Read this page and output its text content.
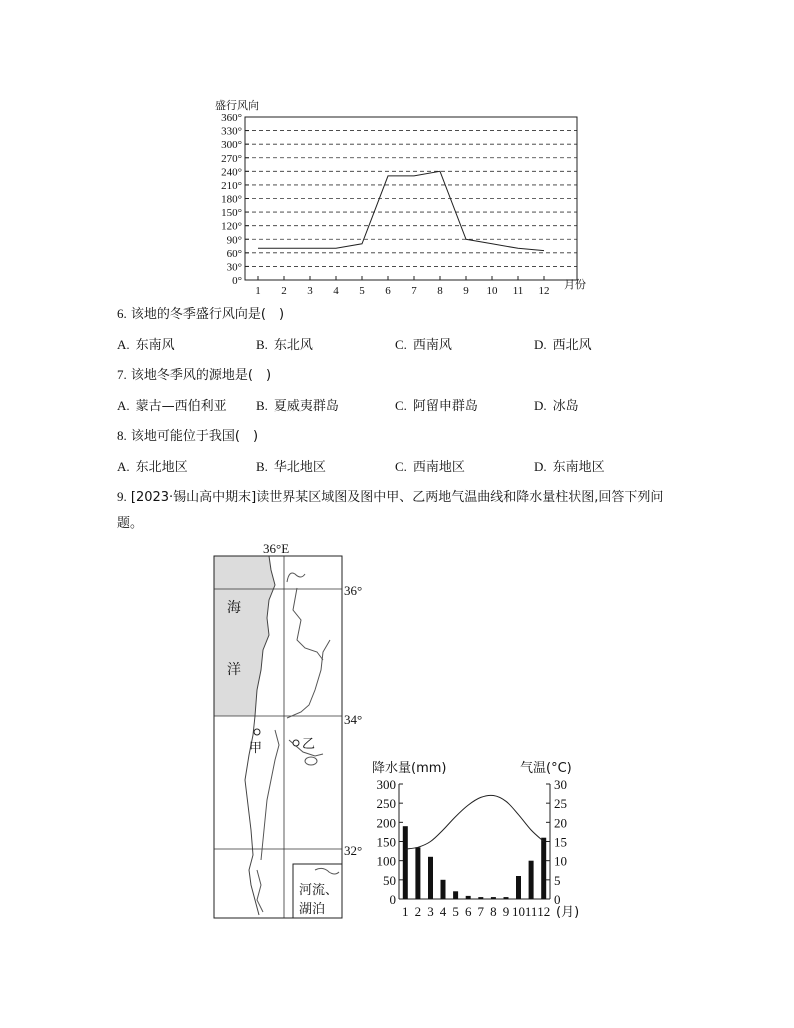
盛行风向
0°
30°
60°
90°
120°
150°
180°
210°
240°
270°
300°
330°
360°
1 2 3 4 5 6 7 8 9 10 11 12 月份
6. 该地的冬季盛行风向是(　)
A. 东南风	B. 东北风	C. 西南风	D. 西北风
7. 该地冬季风的源地是(　)
A. 蒙古—西伯利亚 B. 夏威夷群岛	C. 阿留申群岛	D. 冰岛
8. 该地可能位于我国(　)
A. 东北地区	B. 华北地区	C. 西南地区	D. 东南地区
9. [2023·锡山高中期末]读世界某区域图及图中甲、乙两地气温曲线和降水量柱状图,回答下列问题。
36°E
36°
34°
32°
海
洋
甲	乙
河流、
湖泊
降水量(mm)	气温(°C)
0
50
100
150
200
250
300
0
5
10
15
20
25
30
1 2 3 4 5 6 7 8 9 10 11 12 (月)
